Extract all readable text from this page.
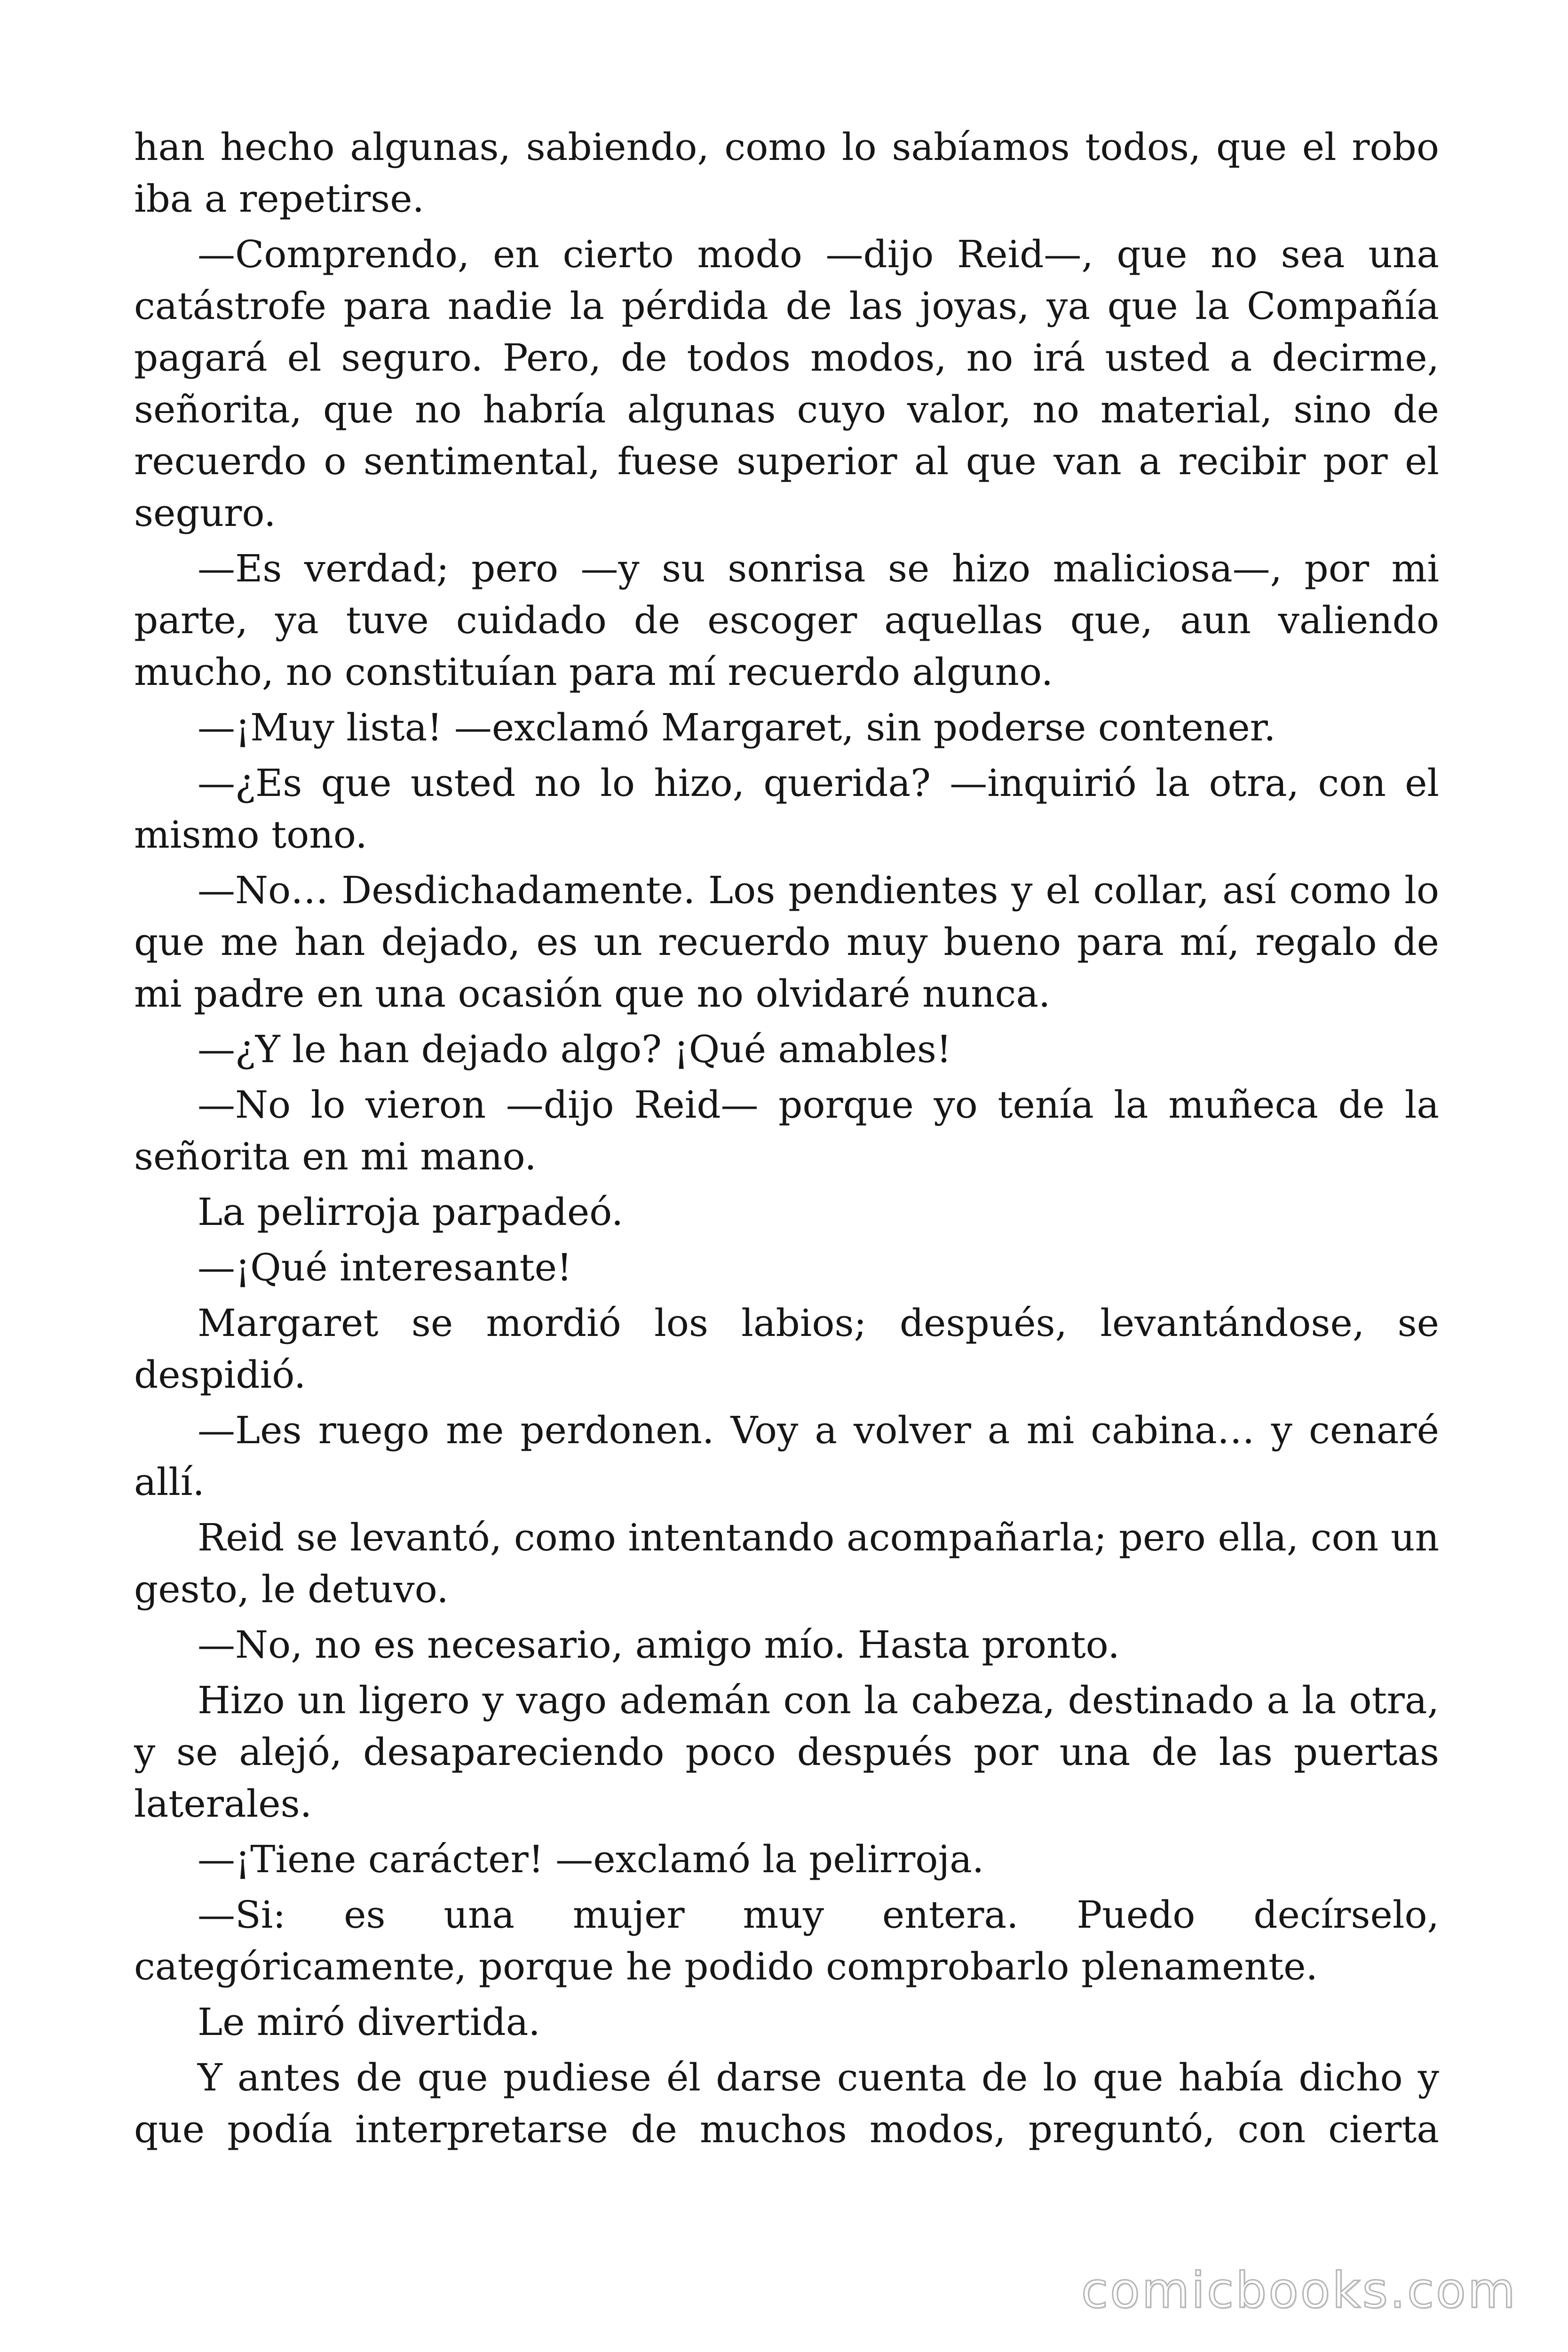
han hecho algunas, sabiendo, como lo sabíamos todos, que el robo iba a repetirse.

—Comprendo, en cierto modo —dijo Reid—, que no sea una catástrofe para nadie la pérdida de las joyas, ya que la Compañía pagará el seguro. Pero, de todos modos, no irá usted a decirme, señorita, que no habría algunas cuyo valor, no material, sino de recuerdo o sentimental, fuese superior al que van a recibir por el seguro.

—Es verdad; pero —y su sonrisa se hizo maliciosa—, por mi parte, ya tuve cuidado de escoger aquellas que, aun valiendo mucho, no constituían para mí recuerdo alguno.

—¡Muy lista! —exclamó Margaret, sin poderse contener.

—¿Es que usted no lo hizo, querida? —inquirió la otra, con el mismo tono.

—No… Desdichadamente. Los pendientes y el collar, así como lo que me han dejado, es un recuerdo muy bueno para mí, regalo de mi padre en una ocasión que no olvidaré nunca.

—¿Y le han dejado algo? ¡Qué amables!

—No lo vieron —dijo Reid— porque yo tenía la muñeca de la señorita en mi mano.

La pelirroja parpadeó.

—¡Qué interesante!

Margaret se mordió los labios; después, levantándose, se despidió.

—Les ruego me perdonen. Voy a volver a mi cabina… y cenaré allí.

Reid se levantó, como intentando acompañarla; pero ella, con un gesto, le detuvo.

—No, no es necesario, amigo mío. Hasta pronto.

Hizo un ligero y vago ademán con la cabeza, destinado a la otra, y se alejó, desapareciendo poco después por una de las puertas laterales.

—¡Tiene carácter! —exclamó la pelirroja.

—Si: es una mujer muy entera. Puedo decírselo, categóricamente, porque he podido comprobarlo plenamente.

Le miró divertida.

Y antes de que pudiese él darse cuenta de lo que había dicho y que podía interpretarse de muchos modos, preguntó, con cierta

comicbooks.com
